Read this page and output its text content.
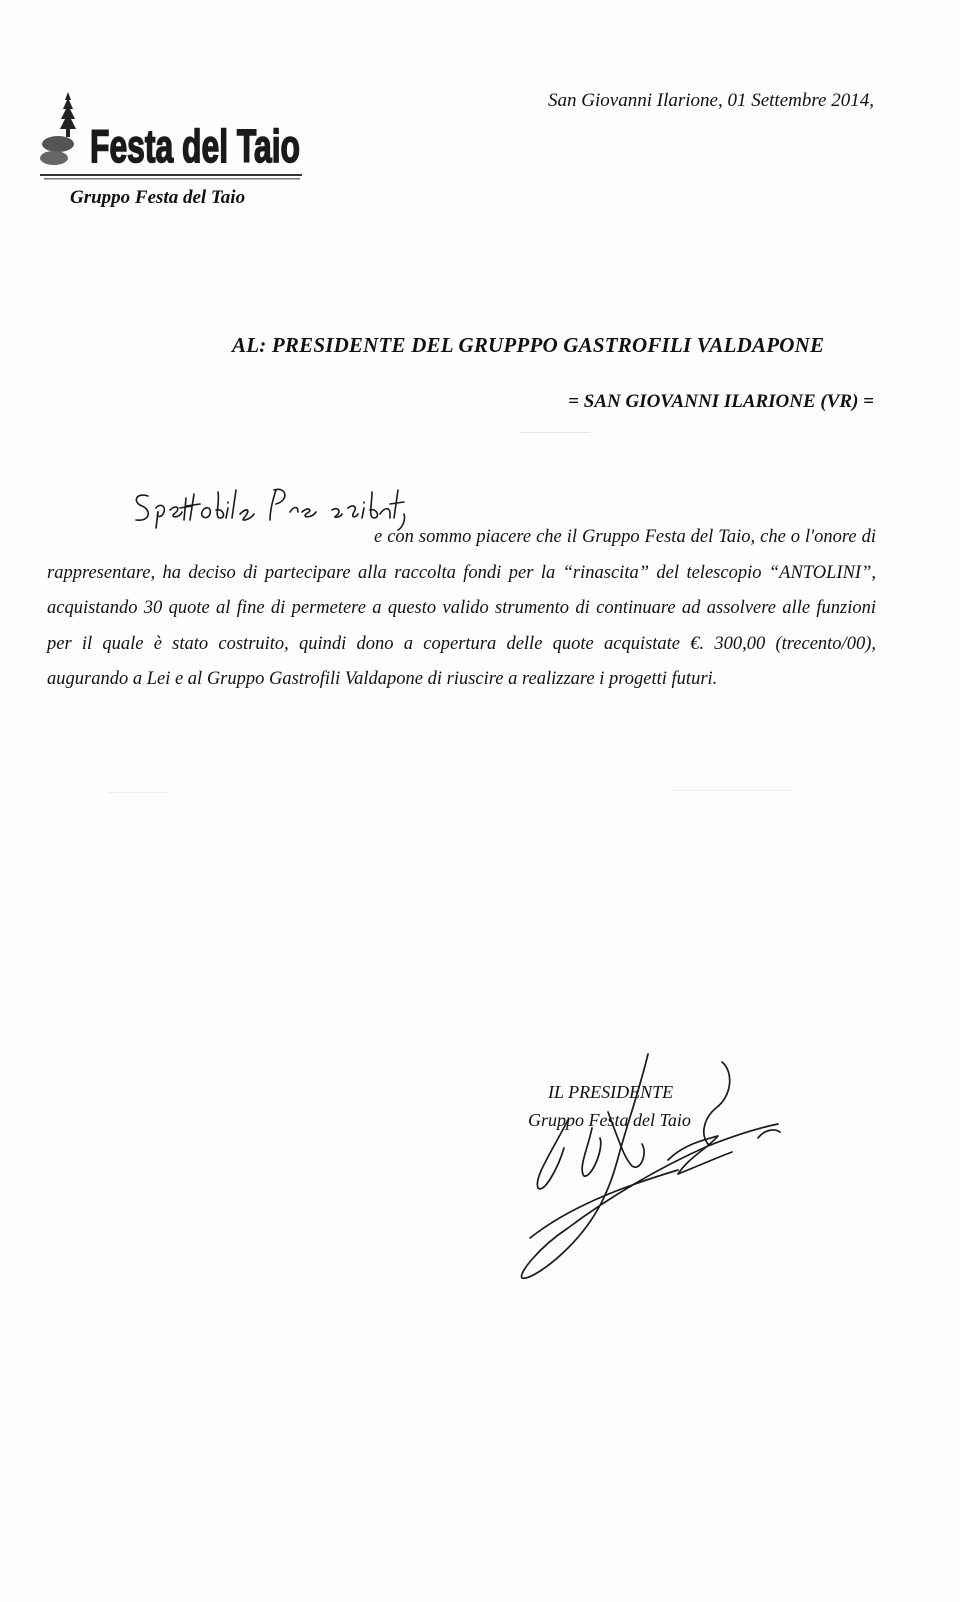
Festa del Taio
Gruppo Festa del Taio
San Giovanni Ilarione, 01 Settembre 2014,
AL: PRESIDENTE DEL GRUPPPO GASTROFILI VALDAPONE
= SAN GIOVANNI ILARIONE (VR) =
e con sommo piacere che il Gruppo Festa del Taio, che o l'onore di rappresentare, ha deciso di partecipare alla raccolta fondi per la “rinascita” del telescopio “ANTOLINI”, acquistando 30 quote al fine di permetere a questo valido strumento di continuare ad assolvere alle funzioni per il quale è stato costruito, quindi dono a copertura delle quote acquistate €. 300,00 (trecento/00), augurando a Lei e al Gruppo Gastrofili Valdapone di riuscire a realizzare i progetti futuri.
IL PRESIDENTE
Gruppo Festa del Taio
